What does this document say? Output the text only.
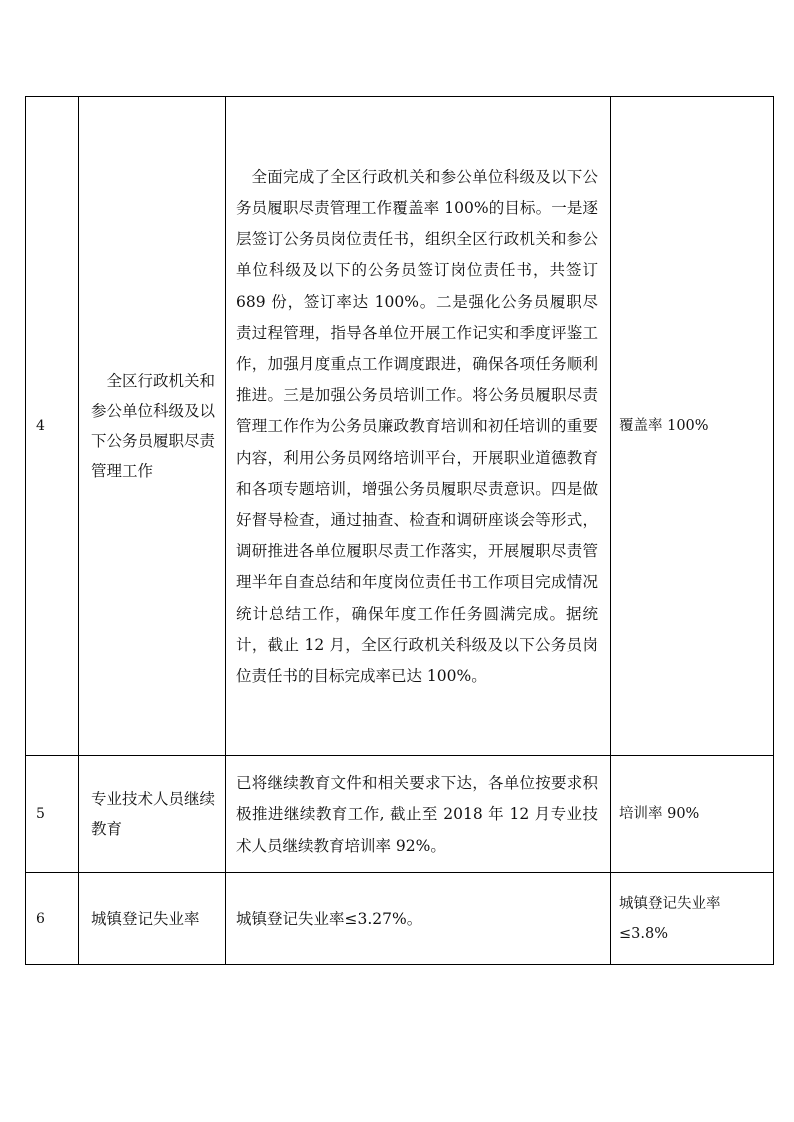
4	全区行政机关和参公单位科级及以下公务员履职尽责管理工作	全面完成了全区行政机关和参公单位科级及以下公务员履职尽责管理工作覆盖率 100%的目标。一是逐层签订公务员岗位责任书，组织全区行政机关和参公单位科级及以下的公务员签订岗位责任书，共签订 689 份，签订率达 100%。二是强化公务员履职尽责过程管理，指导各单位开展工作记实和季度评鉴工作，加强月度重点工作调度跟进，确保各项任务顺利推进。三是加强公务员培训工作。将公务员履职尽责管理工作作为公务员廉政教育培训和初任培训的重要内容，利用公务员网络培训平台，开展职业道德教育和各项专题培训，增强公务员履职尽责意识。四是做好督导检查，通过抽查、检查和调研座谈会等形式，调研推进各单位履职尽责工作落实，开展履职尽责管理半年自查总结和年度岗位责任书工作项目完成情况统计总结工作，确保年度工作任务圆满完成。据统计，截止 12 月，全区行政机关科级及以下公务员岗位责任书的目标完成率已达 100%。	覆盖率 100%
5	专业技术人员继续教育	已将继续教育文件和相关要求下达，各单位按要求积极推进继续教育工作, 截止至 2018 年 12 月专业技术人员继续教育培训率 92%。	培训率 90%
6	城镇登记失业率	城镇登记失业率≤3.27%。	城镇登记失业率≤3.8%
